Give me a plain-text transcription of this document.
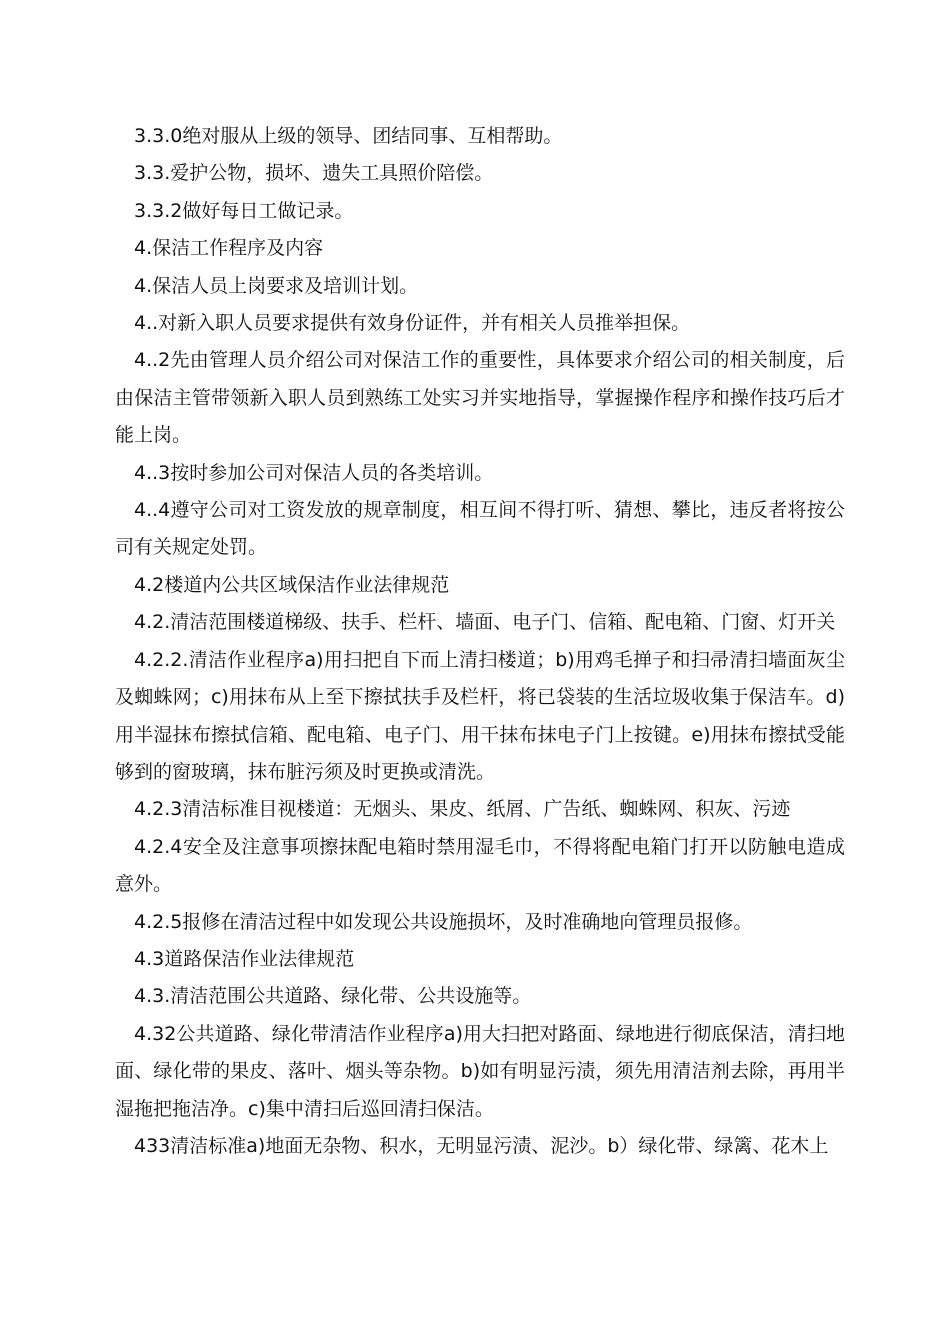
3.3.0绝对服从上级的领导、团结同事、互相帮助。

3.3.爱护公物，损坏、遗失工具照价陪偿。

3.3.2做好每日工做记录。

4.保洁工作程序及内容

4.保洁人员上岗要求及培训计划。

4..对新入职人员要求提供有效身份证件，并有相关人员推举担保。

4..2先由管理人员介绍公司对保洁工作的重要性，具体要求介绍公司的相关制度，后由保洁主管带领新入职人员到熟练工处实习并实地指导，掌握操作程序和操作技巧后才能上岗。

4..3按时参加公司对保洁人员的各类培训。

4..4遵守公司对工资发放的规章制度，相互间不得打听、猜想、攀比，违反者将按公司有关规定处罚。

4.2楼道内公共区域保洁作业法律规范

4.2.清洁范围楼道梯级、扶手、栏杆、墙面、电子门、信箱、配电箱、门窗、灯开关

4.2.2.清洁作业程序a)用扫把自下而上清扫楼道；b)用鸡毛掸子和扫帚清扫墙面灰尘及蜘蛛网；c)用抹布从上至下擦拭扶手及栏杆，将已袋装的生活垃圾收集于保洁车。d)用半湿抹布擦拭信箱、配电箱、电子门、用干抹布抹电子门上按键。e)用抹布擦拭受能够到的窗玻璃，抹布脏污须及时更换或清洗。

4.2.3清洁标准目视楼道：无烟头、果皮、纸屑、广告纸、蜘蛛网、积灰、污迹

4.2.4安全及注意事项擦抹配电箱时禁用湿毛巾，不得将配电箱门打开以防触电造成意外。

4.2.5报修在清洁过程中如发现公共设施损坏，及时准确地向管理员报修。

4.3道路保洁作业法律规范

4.3.清洁范围公共道路、绿化带、公共设施等。

4.32公共道路、绿化带清洁作业程序a)用大扫把对路面、绿地进行彻底保洁，清扫地面、绿化带的果皮、落叶、烟头等杂物。b)如有明显污渍，须先用清洁剂去除，再用半湿拖把拖洁净。c)集中清扫后巡回清扫保洁。

433清洁标准a)地面无杂物、积水，无明显污渍、泥沙。b）绿化带、绿篱、花木上
